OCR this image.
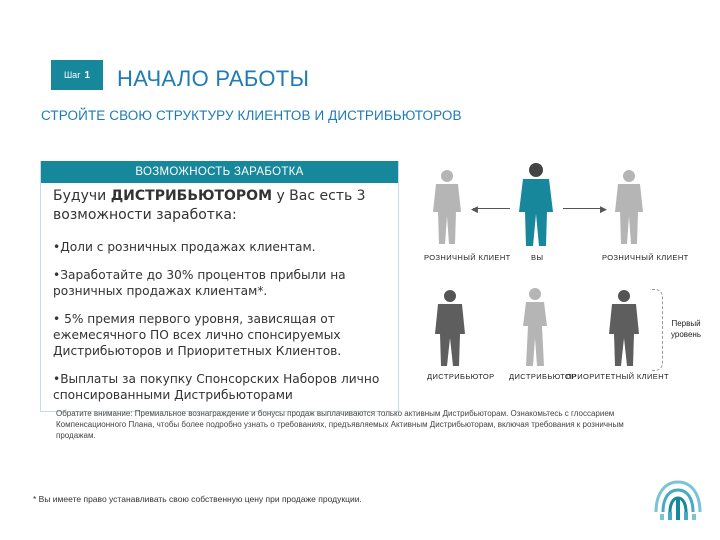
Шаг 1 НАЧАЛО РАБОТЫ
СТРОЙТЕ СВОЮ СТРУКТУРУ КЛИЕНТОВ И ДИСТРИБЬЮТОРОВ
ВОЗМОЖНОСТЬ ЗАРАБОТКА

Будучи ДИСТРИБЬЮТОРОМ у Вас есть 3 возможности заработка:

•Доли с розничных продажах клиентам.

•Заработайте до 30% процентов прибыли на розничных продажах клиентам*.

• 5% премия первого уровня, зависящая от ежемесячного ПО всех лично спонсируемых Дистрибьюторов и Приоритетных Клиентов.

•Выплаты за покупку Спонсорских Наборов лично спонсированными Дистрибьюторами

◀	▶
РОЗНИЧНЫЙ КЛИЕНТ	ВЫ	РОЗНИЧНЫЙ КЛИЕНТ
ДИСТРИБЬЮТОР ДИСТРИБЬЮТОР
ПРИОРИТЕТНЫЙ КЛИЕНТ
Первый уровень
Обратите внимание: Премиальное вознаграждение и бонусы продаж выплачиваются только активным Дистрибьюторам. Ознакомьтесь с глоссарием Компенсационного Плана, чтобы более подробно узнать о требованиях, предъявляемых Активным Дистрибьюторам, включая требования к розничным продажам.
* Вы имеете право устанавливать свою собственную цену при продаже продукции.
